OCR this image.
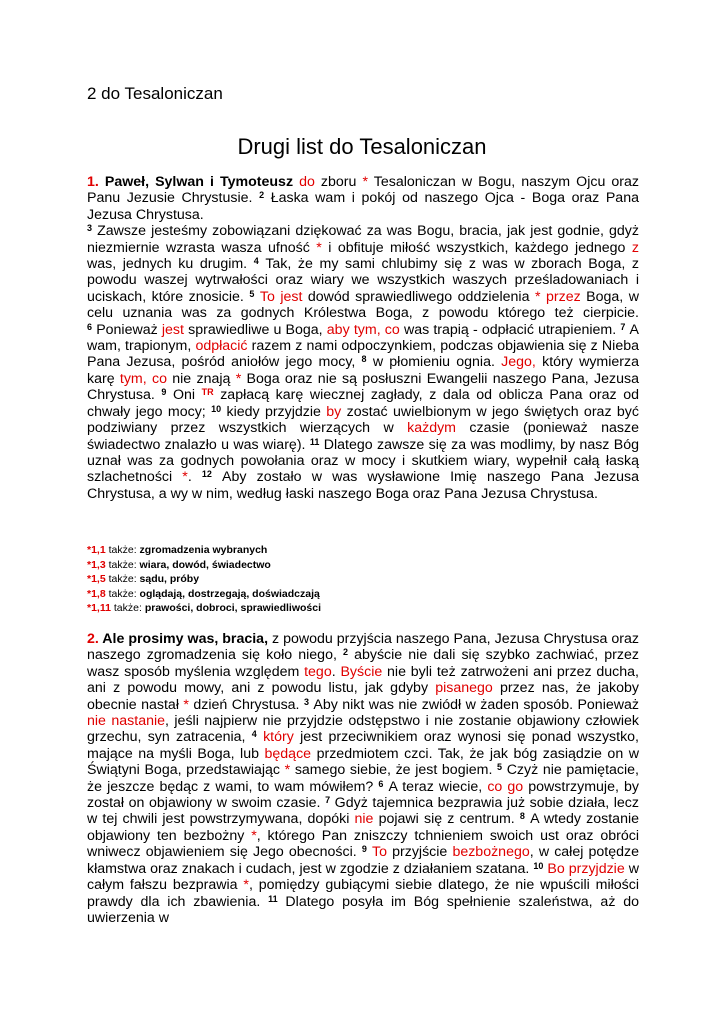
2 do Tesaloniczan
Drugi list do Tesaloniczan
1. Paweł, Sylwan i Tymoteusz do zboru * Tesaloniczan w Bogu, naszym Ojcu oraz Panu Jezusie Chrystusie. $^2$ Łaska wam i pokój od naszego Ojca - Boga oraz Pana Jezusa Chrystusa.
$^3$ Zawsze jesteśmy zobowiązani dziękować za was Bogu, bracia, jak jest godnie, gdyż niezmiernie wzrasta wasza ufność * i obfituje miłość wszystkich, każdego jednego z was, jednych ku drugim. $^4$ Tak, że my sami chlubimy się z was w zborach Boga, z powodu waszej wytrwałości oraz wiary we wszystkich waszych prześladowaniach i uciskach, które znosicie. $^5$ To jest dowód sprawiedliwego oddzielenia * przez Boga, w celu uznania was za godnych Królestwa Boga, z powodu którego też cierpicie. $^6$ Ponieważ jest sprawiedliwe u Boga, aby tym, co was trapią - odpłacić utrapieniem. $^7$ A wam, trapionym, odpłacić razem z nami odpoczynkiem, podczas objawienia się z Nieba Pana Jezusa, pośród aniołów jego mocy, $^8$ w płomieniu ognia. Jego, który wymierza karę tym, co nie znają * Boga oraz nie są posłuszni Ewangelii naszego Pana, Jezusa Chrystusa. $^9$ Oni $^{TR}$ zapłacą karę wiecznej zagłady, z dala od oblicza Pana oraz od chwały jego mocy; $^{10}$ kiedy przyjdzie by zostać uwielbionym w jego świętych oraz być podziwiany przez wszystkich wierzących w każdym czasie (ponieważ nasze świadectwo znalazło u was wiarę). $^{11}$ Dlatego zawsze się za was modlimy, by nasz Bóg uznał was za godnych powołania oraz w mocy i skutkiem wiary, wypełnił całą łaską szlachetności *. $^{12}$ Aby zostało w was wysławione Imię naszego Pana Jezusa Chrystusa, a wy w nim, według łaski naszego Boga oraz Pana Jezusa Chrystusa.
*1,1 także: zgromadzenia wybranych
*1,3 także: wiara, dowód, świadectwo
*1,5 także: sądu, próby
*1,8 także: oglądają, dostrzegają, doświadczają
*1,11 także: prawości, dobroci, sprawiedliwości
2. Ale prosimy was, bracia, z powodu przyjścia naszego Pana, Jezusa Chrystusa oraz naszego zgromadzenia się koło niego, $^2$ abyście nie dali się szybko zachwiać, przez wasz sposób myślenia względem tego. Byście nie byli też zatrwożeni ani przez ducha, ani z powodu mowy, ani z powodu listu, jak gdyby pisanego przez nas, że jakoby obecnie nastał * dzień Chrystusa. $^3$ Aby nikt was nie zwiódł w żaden sposób. Ponieważ nie nastanie, jeśli najpierw nie przyjdzie odstępstwo i nie zostanie objawiony człowiek grzechu, syn zatracenia, $^4$ który jest przeciwnikiem oraz wynosi się ponad wszystko, mające na myśli Boga, lub będące przedmiotem czci. Tak, że jak bóg zasiądzie on w Świątyni Boga, przedstawiając * samego siebie, że jest bogiem. $^5$ Czyż nie pamiętacie, że jeszcze będąc z wami, to wam mówiłem? $^6$ A teraz wiecie, co go powstrzymuje, by został on objawiony w swoim czasie. $^7$ Gdyż tajemnica bezprawia już sobie działa, lecz w tej chwili jest powstrzymywana, dopóki nie pojawi się z centrum. $^8$ A wtedy zostanie objawiony ten bezbożny *, którego Pan zniszczy tchnieniem swoich ust oraz obróci wniwecz objawieniem się Jego obecności. $^9$ To przyjście bezbożnego, w całej potędze kłamstwa oraz znakach i cudach, jest w zgodzie z działaniem szatana. $^{10}$ Bo przyjdzie w całym fałszu bezprawia *, pomiędzy gubiącymi siebie dlatego, że nie wpuścili miłości prawdy dla ich zbawienia. $^{11}$ Dlatego posyła im Bóg spełnienie szaleństwa, aż do uwierzenia w
